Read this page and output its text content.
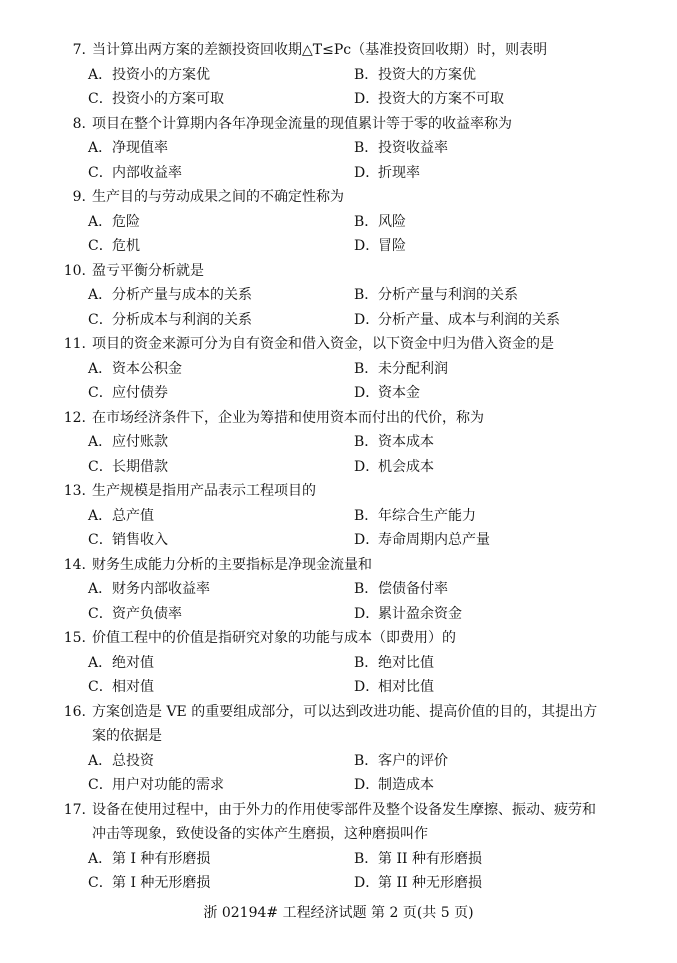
7. 当计算出两方案的差额投资回收期△T≤Pc（基准投资回收期）时，则表明
A．投资小的方案优	B．投资大的方案优
C．投资小的方案可取	D．投资大的方案不可取
8. 项目在整个计算期内各年净现金流量的现值累计等于零的收益率称为
A．净现值率	B．投资收益率
C．内部收益率	D．折现率
9. 生产目的与劳动成果之间的不确定性称为
A．危险	B．风险
C．危机	D．冒险
10. 盈亏平衡分析就是
A．分析产量与成本的关系	B．分析产量与利润的关系
C．分析成本与利润的关系	D．分析产量、成本与利润的关系
11. 项目的资金来源可分为自有资金和借入资金，以下资金中归为借入资金的是
A．资本公积金	B．未分配利润
C．应付债券	D．资本金
12. 在市场经济条件下，企业为筹措和使用资本而付出的代价，称为
A．应付账款	B．资本成本
C．长期借款	D．机会成本
13. 生产规模是指用产品表示工程项目的
A．总产值	B．年综合生产能力
C．销售收入	D．寿命周期内总产量
14. 财务生成能力分析的主要指标是净现金流量和
A．财务内部收益率	B．偿债备付率
C．资产负债率	D．累计盈余资金
15. 价值工程中的价值是指研究对象的功能与成本（即费用）的
A．绝对值	B．绝对比值
C．相对值	D．相对比值
16. 方案创造是 VE 的重要组成部分，可以达到改进功能、提高价值的目的，其提出方
案的依据是
A．总投资	B．客户的评价
C．用户对功能的需求	D．制造成本
17. 设备在使用过程中，由于外力的作用使零部件及整个设备发生摩擦、振动、疲劳和
冲击等现象，致使设备的实体产生磨损，这种磨损叫作
A．第 I 种有形磨损	B．第 II 种有形磨损
C．第 I 种无形磨损	D．第 II 种无形磨损
浙 02194# 工程经济试题 第 2 页(共 5 页)
